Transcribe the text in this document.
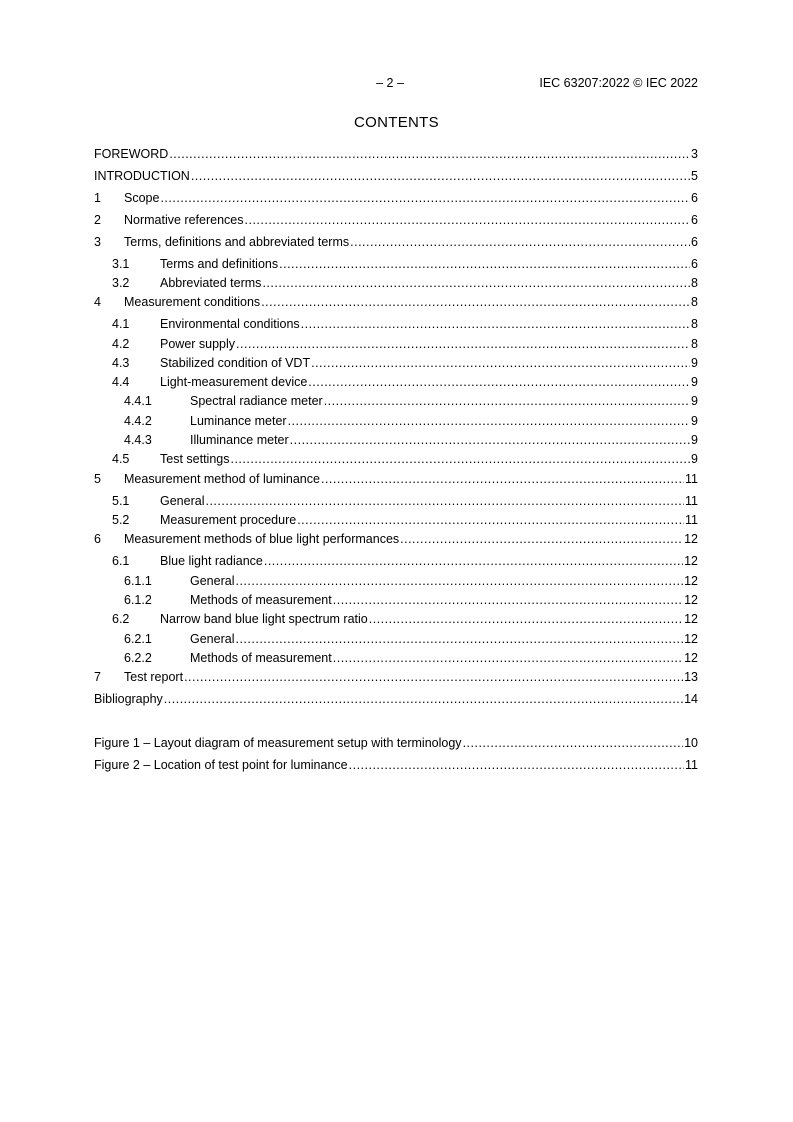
– 2 –	IEC 63207:2022 © IEC 2022
CONTENTS
FOREWORD .....	3
INTRODUCTION .....	5
1	Scope .....	6
2	Normative references .....	6
3	Terms, definitions and abbreviated terms .....	6
3.1	Terms and definitions .....	6
3.2	Abbreviated terms .....	8
4	Measurement conditions .....	8
4.1	Environmental conditions .....	8
4.2	Power supply .....	8
4.3	Stabilized condition of VDT .....	9
4.4	Light-measurement device .....	9
4.4.1	Spectral radiance meter .....	9
4.4.2	Luminance meter .....	9
4.4.3	Illuminance meter .....	9
4.5	Test settings .....	9
5	Measurement method of luminance .....	11
5.1	General .....	11
5.2	Measurement procedure .....	11
6	Measurement methods of blue light performances .....	12
6.1	Blue light radiance .....	12
6.1.1	General .....	12
6.1.2	Methods of measurement .....	12
6.2	Narrow band blue light spectrum ratio .....	12
6.2.1	General .....	12
6.2.2	Methods of measurement .....	12
7	Test report .....	13
Bibliography .....	14
Figure 1 – Layout diagram of measurement setup with terminology .....	10
Figure 2 – Location of test point for luminance .....	11
